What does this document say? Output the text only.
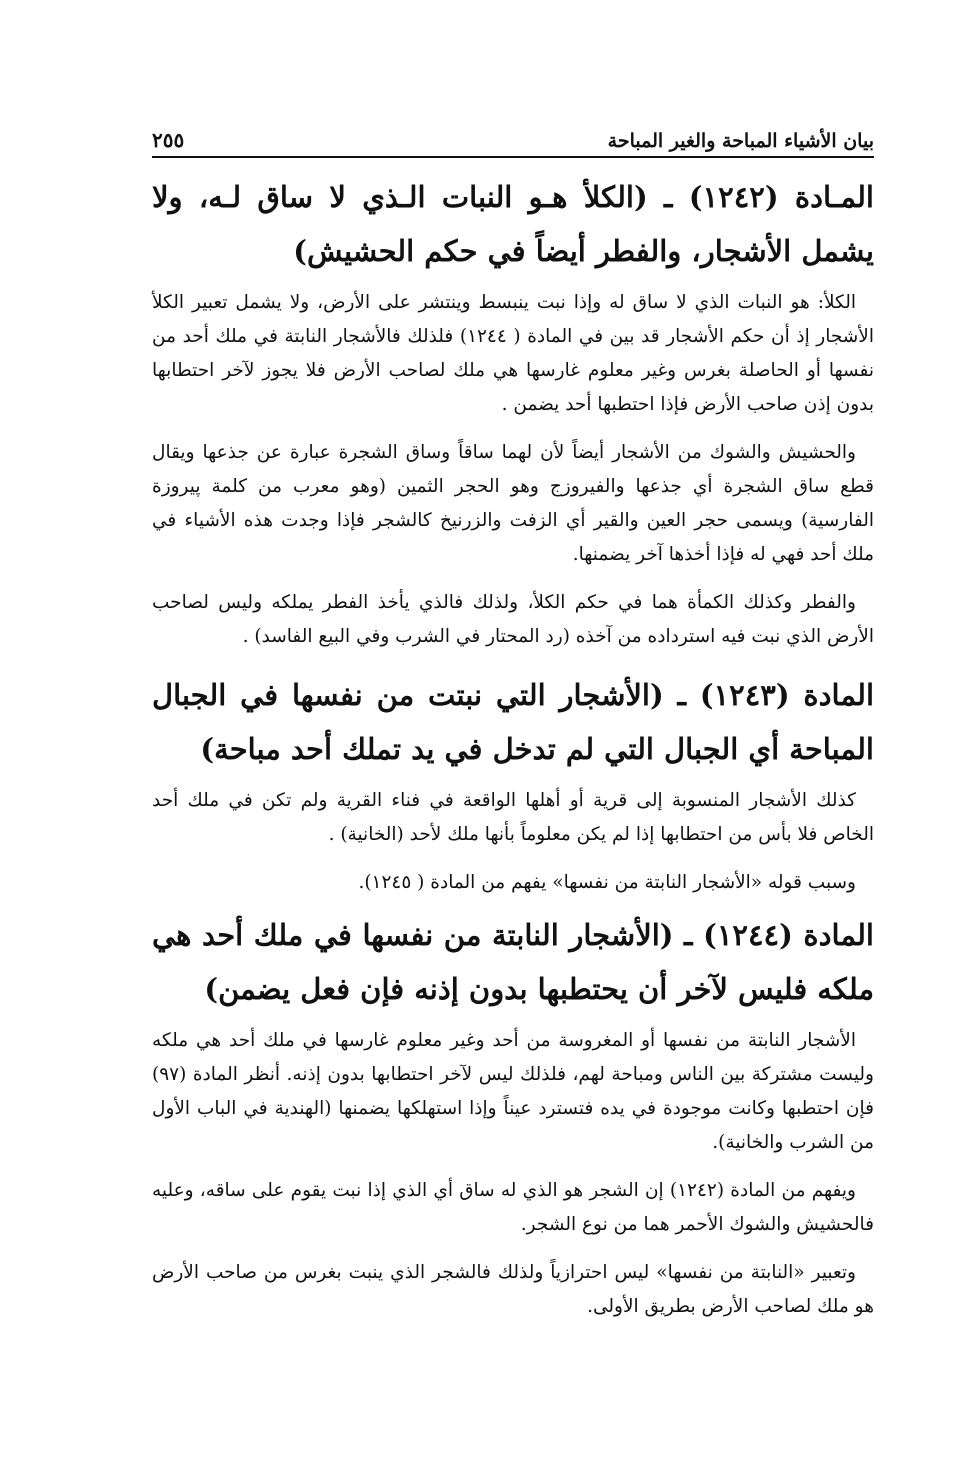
بيان الأشياء المباحة والغير المباحة
٢٥٥
المـادة (١٢٤٢) ـ (الكلأ هـو النبات الـذي لا ساق لـه، ولا يشمل الأشجار، والفطر أيضاً في حكم الحشيش)

الكلأ: هو النبات الذي لا ساق له وإذا نبت ينبسط وينتشر على الأرض، ولا يشمل تعبير الكلأ الأشجار إذ أن حكم الأشجار قد بين في المادة ( ١٢٤٤) فلذلك فالأشجار النابتة في ملك أحد من نفسها أو الحاصلة بغرس وغير معلوم غارسها هي ملك لصاحب الأرض فلا يجوز لآخر احتطابها بدون إذن صاحب الأرض فإذا احتطبها أحد يضمن .

والحشيش والشوك من الأشجار أيضاً لأن لهما ساقاً وساق الشجرة عبارة عن جذعها ويقال قطع ساق الشجرة أي جذعها والفيروزج وهو الحجر الثمين (وهو معرب من كلمة پيروزة الفارسية) ويسمى حجر العين والقير أي الزفت والزرنيخ كالشجر فإذا وجدت هذه الأشياء في ملك أحد فهي له فإذا أخذها آخر يضمنها.

والفطر وكذلك الكمأة هما في حكم الكلأ، ولذلك فالذي يأخذ الفطر يملكه وليس لصاحب الأرض الذي نبت فيه استرداده من آخذه (رد المحتار في الشرب وفي البيع الفاسد) .

المادة (١٢٤٣) ـ (الأشجار التي نبتت من نفسها في الجبال المباحة أي الجبال التي لم تدخل في يد تملك أحد مباحة)

كذلك الأشجار المنسوبة إلى قرية أو أهلها الواقعة في فناء القرية ولم تكن في ملك أحد الخاص فلا بأس من احتطابها إذا لم يكن معلوماً بأنها ملك لأحد (الخانية) .

وسبب قوله «الأشجار النابتة من نفسها» يفهم من المادة ( ١٢٤٥).

المادة (١٢٤٤) ـ (الأشجار النابتة من نفسها في ملك أحد هي ملكه فليس لآخر أن يحتطبها بدون إذنه فإن فعل يضمن)

الأشجار النابتة من نفسها أو المغروسة من أحد وغير معلوم غارسها في ملك أحد هي ملكه وليست مشتركة بين الناس ومباحة لهم، فلذلك ليس لآخر احتطابها بدون إذنه. أنظر المادة (٩٧) فإن احتطبها وكانت موجودة في يده فتسترد عيناً وإذا استهلكها يضمنها (الهندية في الباب الأول من الشرب والخانية).

ويفهم من المادة (١٢٤٢) إن الشجر هو الذي له ساق أي الذي إذا نبت يقوم على ساقه، وعليه فالحشيش والشوك الأحمر هما من نوع الشجر.

وتعبير «النابتة من نفسها» ليس احترازياً ولذلك فالشجر الذي ينبت بغرس من صاحب الأرض هو ملك لصاحب الأرض بطريق الأولى.
